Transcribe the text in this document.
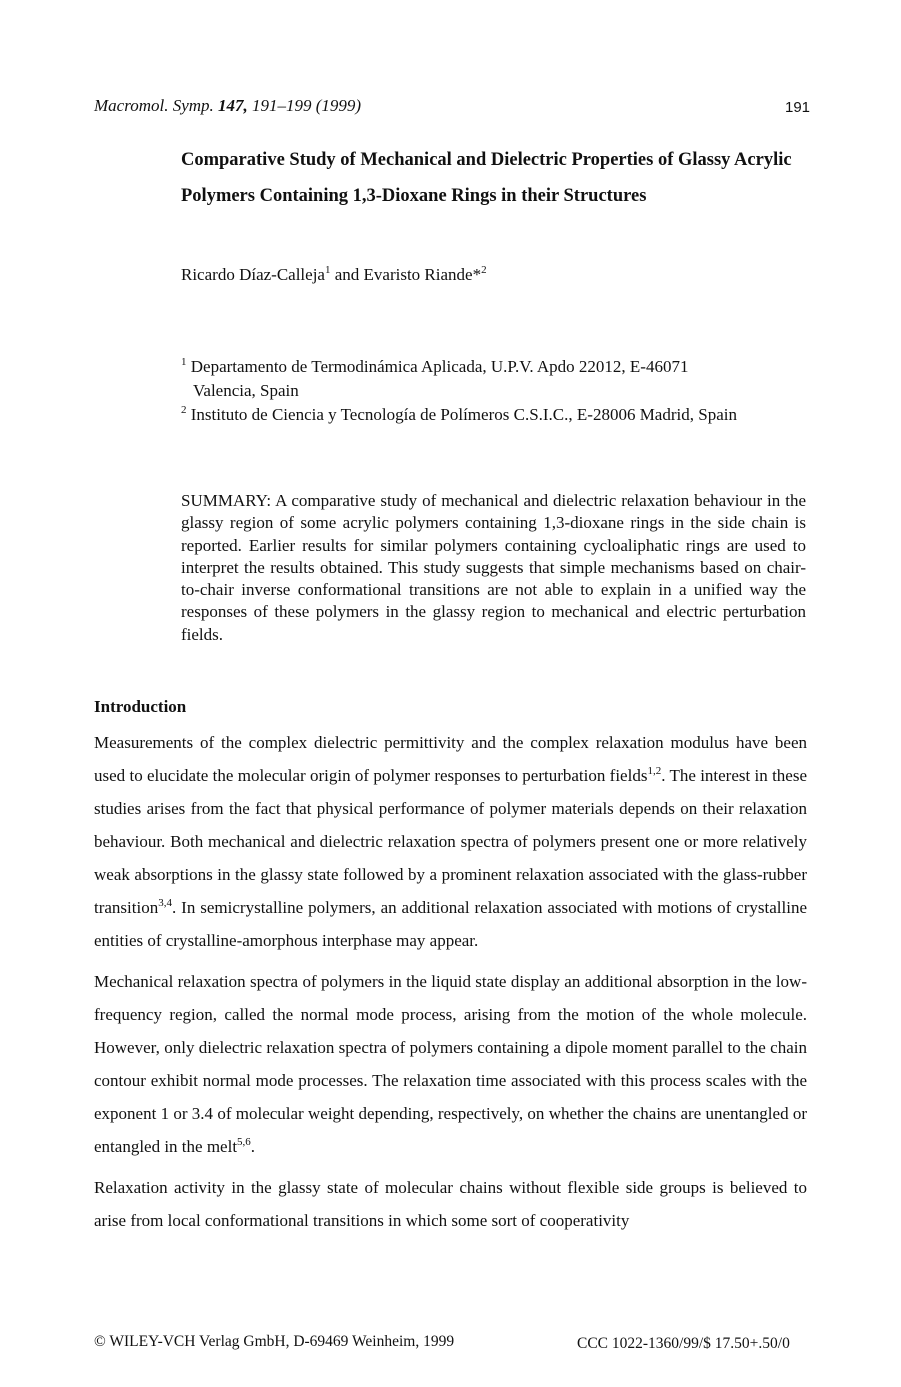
Macromol. Symp. 147, 191–199 (1999)	191
Comparative Study of Mechanical and Dielectric Properties of Glassy Acrylic Polymers Containing 1,3-Dioxane Rings in their Structures
Ricardo Díaz-Calleja$^1$ and Evaristo Riande*$^2$
$^1$ Departamento de Termodinámica Aplicada, U.P.V. Apdo 22012, E-46071
Valencia, Spain
$^2$ Instituto de Ciencia y Tecnología de Polímeros C.S.I.C., E-28006 Madrid, Spain
SUMMARY: A comparative study of mechanical and dielectric relaxation behaviour in the glassy region of some acrylic polymers containing 1,3-dioxane rings in the side chain is reported. Earlier results for similar polymers containing cycloaliphatic rings are used to interpret the results obtained. This study suggests that simple mechanisms based on chair-to-chair inverse conformational transitions are not able to explain in a unified way the responses of these polymers in the glassy region to mechanical and electric perturbation fields.
Introduction

Measurements of the complex dielectric permittivity and the complex relaxation modulus have been used to elucidate the molecular origin of polymer responses to perturbation fields$^{1,2}$. The interest in these studies arises from the fact that physical performance of polymer materials depends on their relaxation behaviour. Both mechanical and dielectric relaxation spectra of polymers present one or more relatively weak absorptions in the glassy state followed by a prominent relaxation associated with the glass-rubber transition$^{3,4}$. In semicrystalline polymers, an additional relaxation associated with motions of crystalline entities of crystalline-amorphous interphase may appear.

Mechanical relaxation spectra of polymers in the liquid state display an additional absorption in the low-frequency region, called the normal mode process, arising from the motion of the whole molecule. However, only dielectric relaxation spectra of polymers containing a dipole moment parallel to the chain contour exhibit normal mode processes. The relaxation time associated with this process scales with the exponent 1 or 3.4 of molecular weight depending, respectively, on whether the chains are unentangled or entangled in the melt$^{5,6}$.

Relaxation activity in the glassy state of molecular chains without flexible side groups is believed to arise from local conformational transitions in which some sort of cooperativity

© WILEY-VCH Verlag GmbH, D-69469 Weinheim, 1999	CCC 1022-1360/99/$ 17.50+.50/0
